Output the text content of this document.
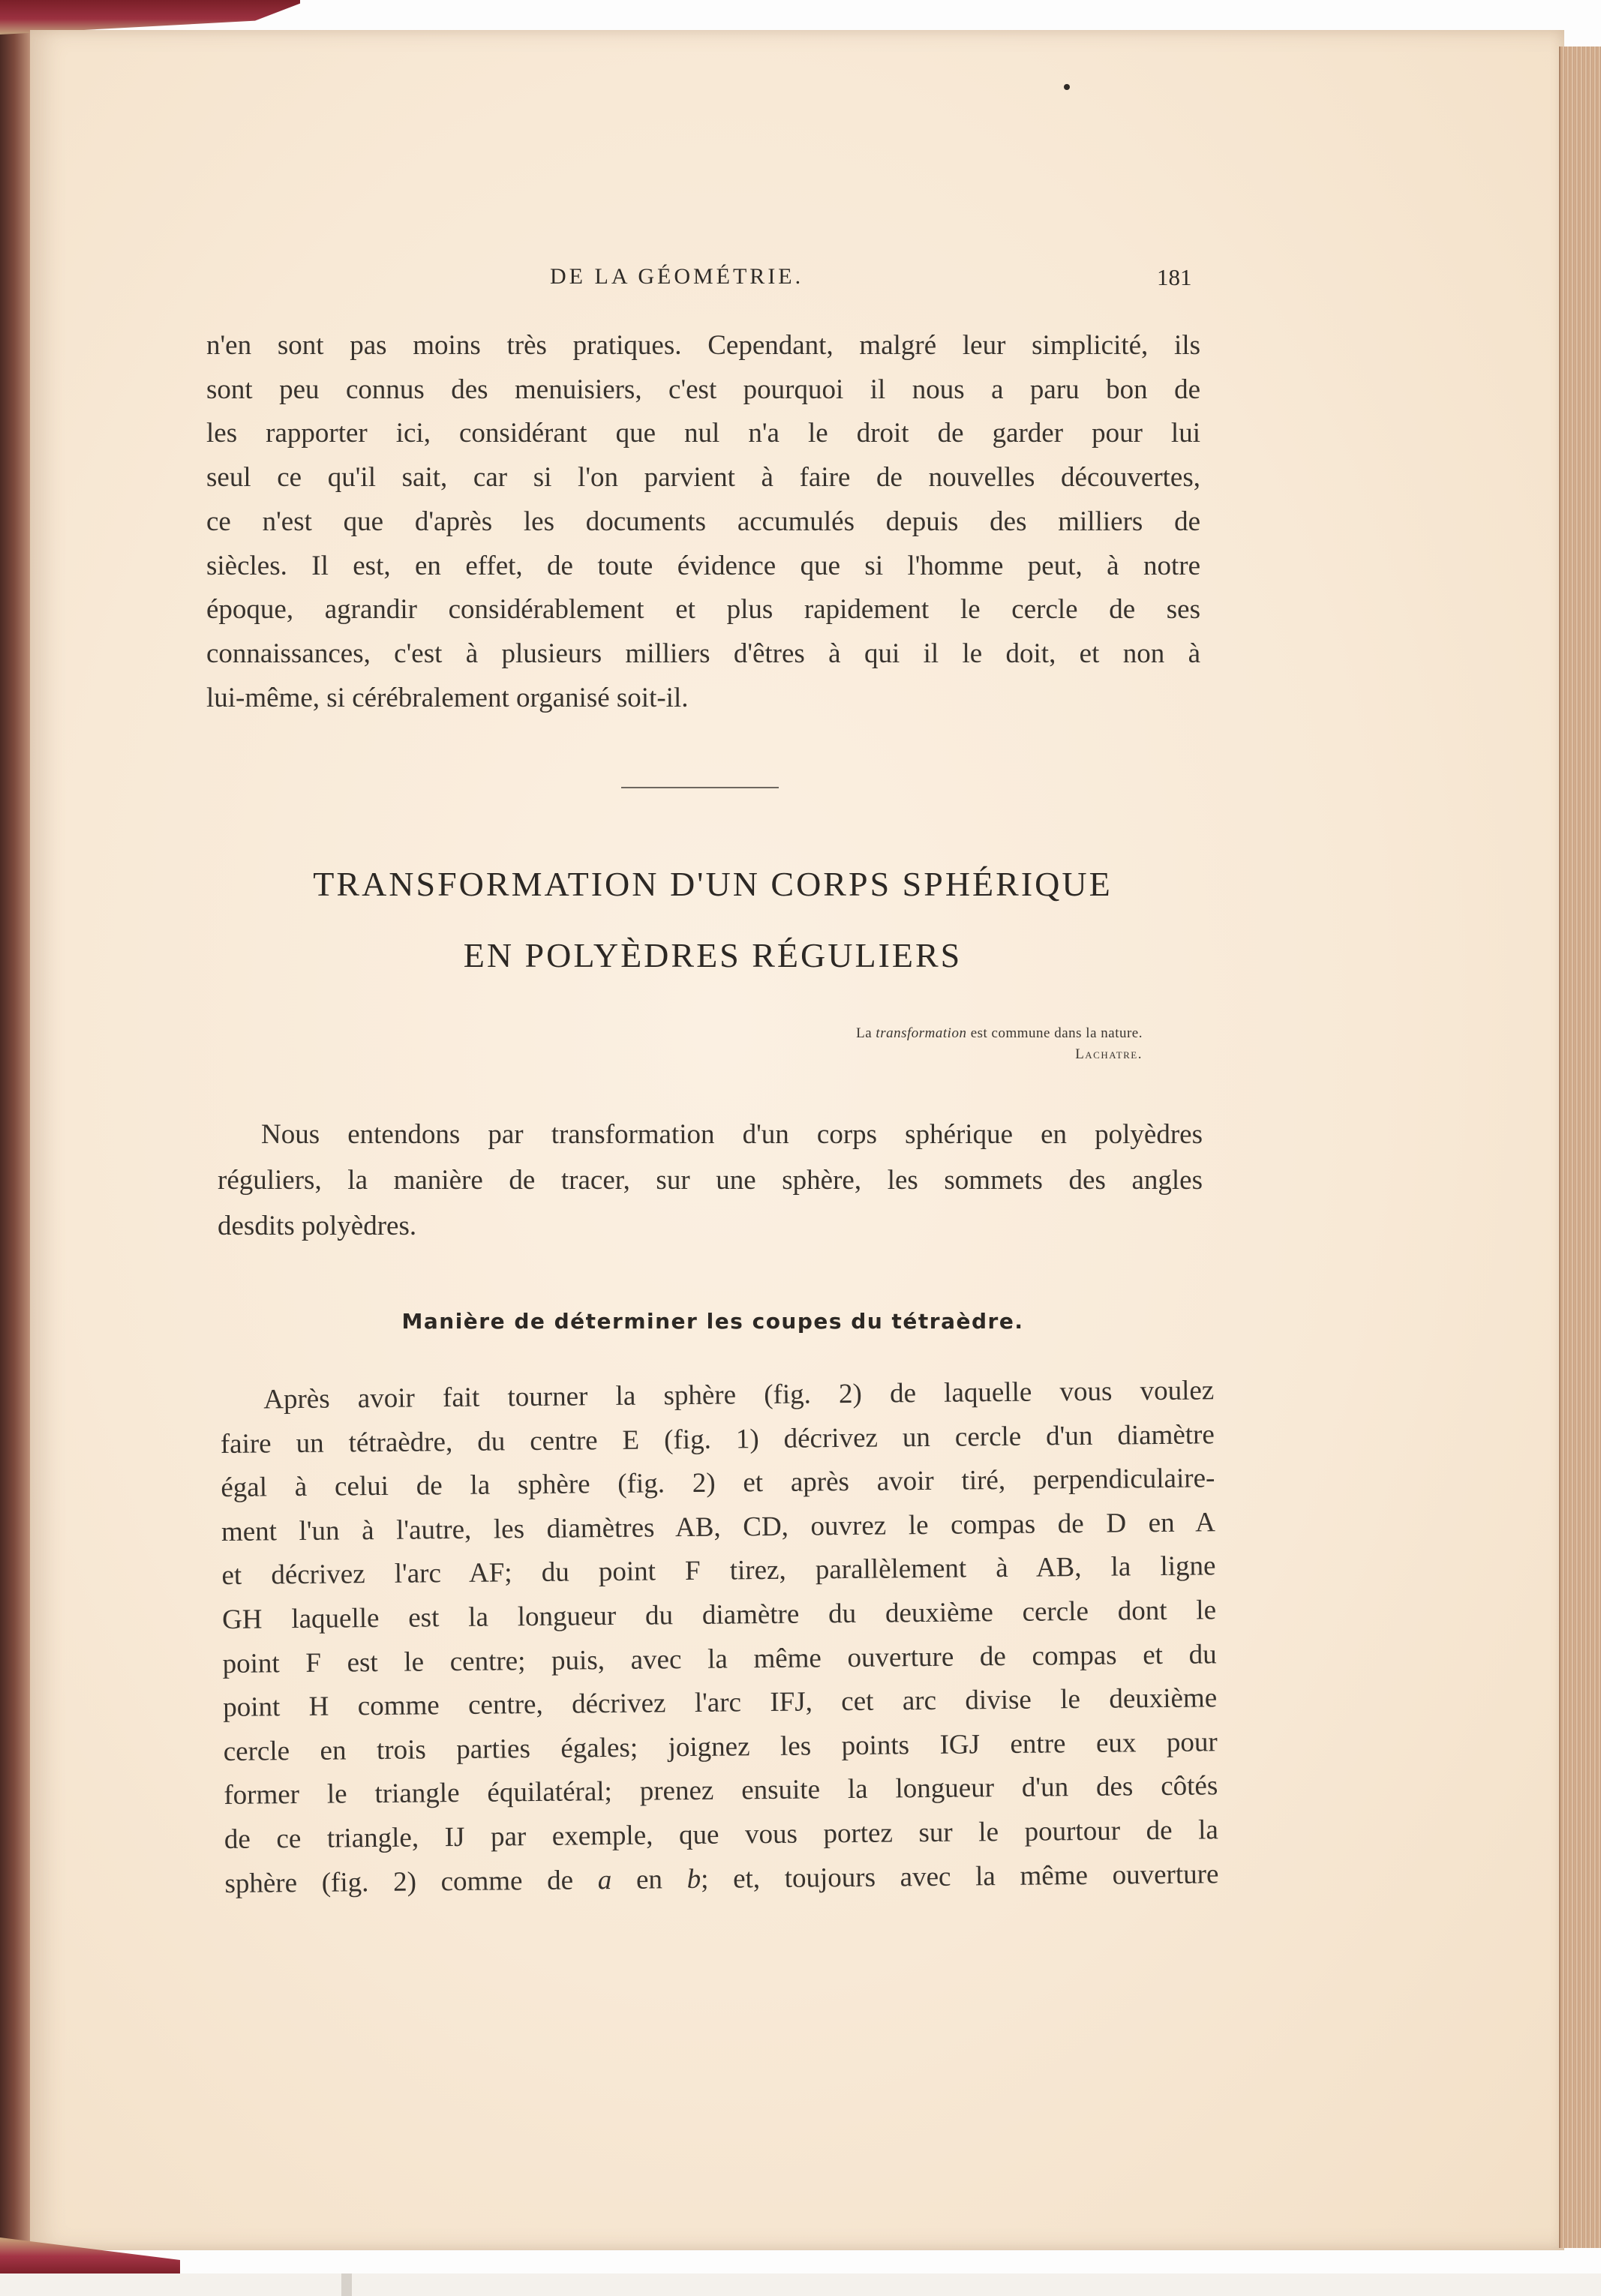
DE LA GÉOMÉTRIE.	181
n'en sont pas moins très pratiques. Cependant, malgré leur simplicité, ils
sont peu connus des menuisiers, c'est pourquoi il nous a paru bon de
les rapporter ici, considérant que nul n'a le droit de garder pour lui
seul ce qu'il sait, car si l'on parvient à faire de nouvelles découvertes,
ce n'est que d'après les documents accumulés depuis des milliers de
siècles. Il est, en effet, de toute évidence que si l'homme peut, à notre
époque, agrandir considérablement et plus rapidement le cercle de ses
connaissances, c'est à plusieurs milliers d'êtres à qui il le doit, et non à
lui-même, si cérébralement organisé soit-il.
TRANSFORMATION D'UN CORPS SPHÉRIQUE
EN POLYÈDRES RÉGULIERS
La transformation est commune dans la nature.
Lachatre.
Nous entendons par transformation d'un corps sphérique en polyèdres
réguliers, la manière de tracer, sur une sphère, les sommets des angles
desdits polyèdres.
Manière de déterminer les coupes du tétraèdre.
Après avoir fait tourner la sphère (fig. 2) de laquelle vous voulez
faire un tétraèdre, du centre E (fig. 1) décrivez un cercle d'un diamètre
égal à celui de la sphère (fig. 2) et après avoir tiré, perpendiculaire-
ment l'un à l'autre, les diamètres AB, CD, ouvrez le compas de D en A
et décrivez l'arc AF; du point F tirez, parallèlement à AB, la ligne
GH laquelle est la longueur du diamètre du deuxième cercle dont le
point F est le centre; puis, avec la même ouverture de compas et du
point H comme centre, décrivez l'arc IFJ, cet arc divise le deuxième
cercle en trois parties égales; joignez les points IGJ entre eux pour
former le triangle équilatéral; prenez ensuite la longueur d'un des côtés
de ce triangle, IJ par exemple, que vous portez sur le pourtour de la
sphère (fig. 2) comme de a en b; et, toujours avec la même ouverture
